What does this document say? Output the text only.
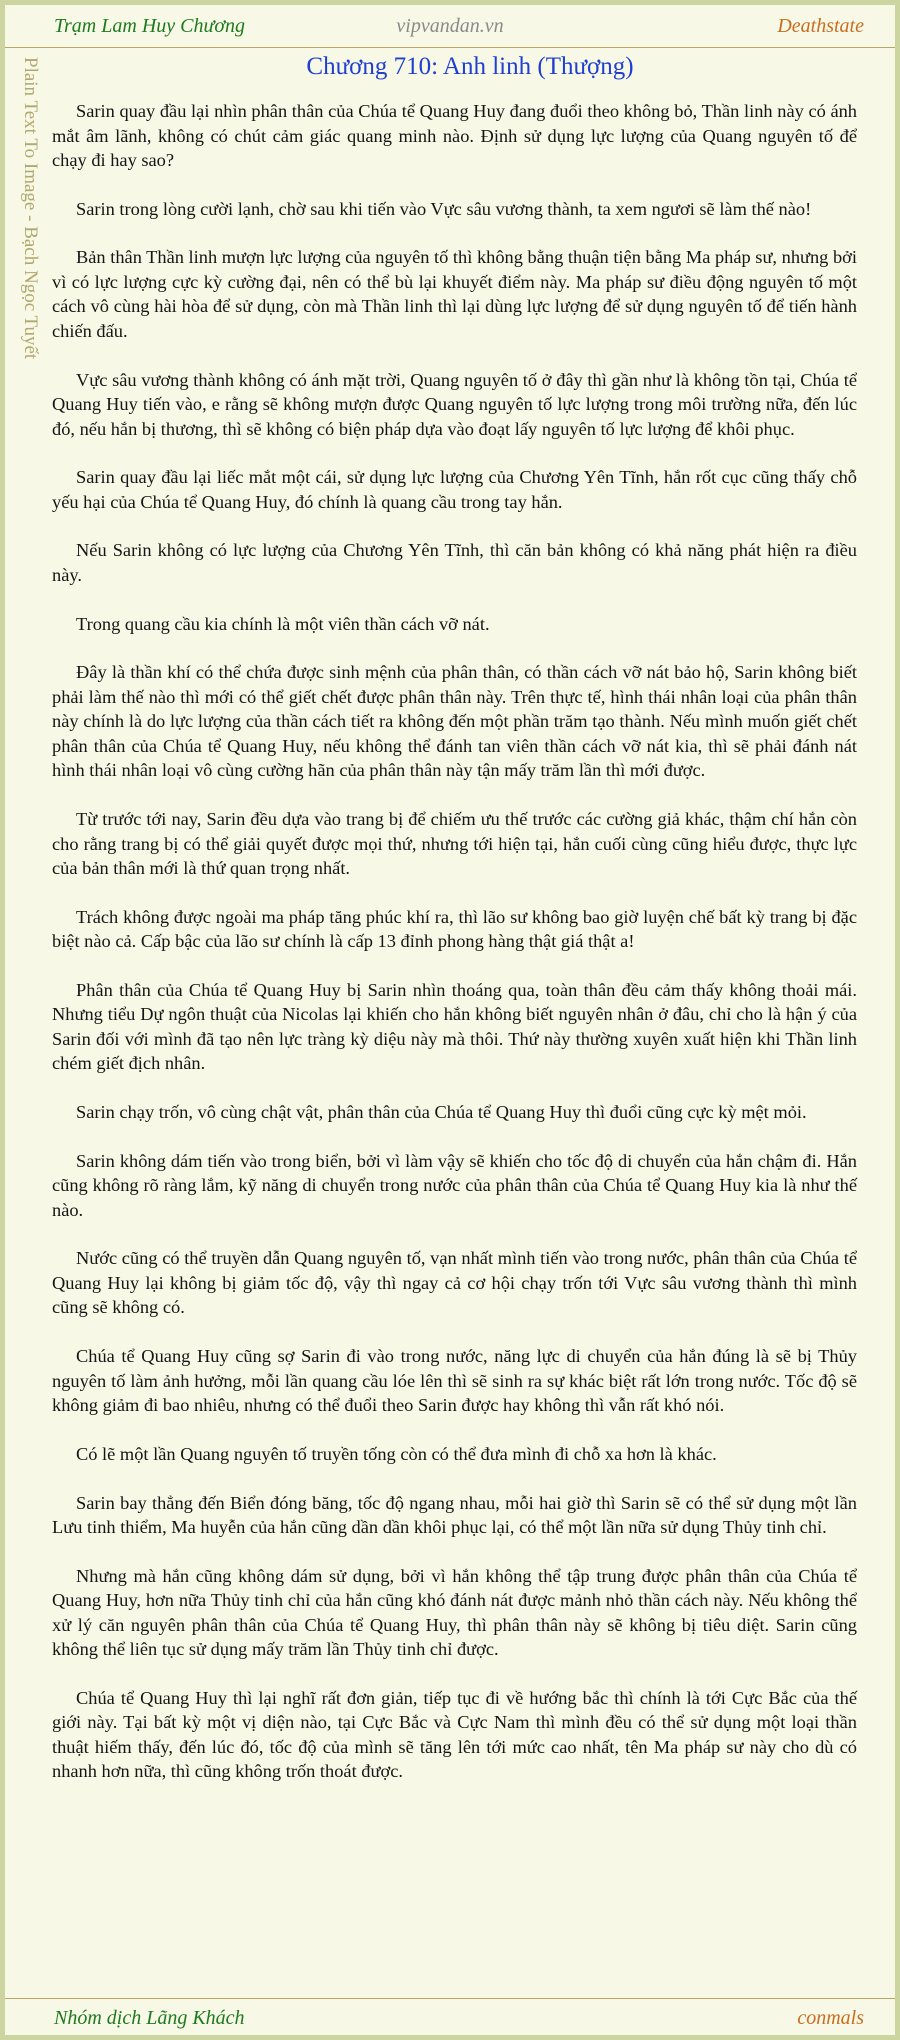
Trạm Lam Huy Chương	vipvandan.vn	Deathstate
Plain Text To Image - Bạch Ngọc Tuyết	Chương 710: Anh linh (Thượng)

Sarin quay đầu lại nhìn phân thân của Chúa tể Quang Huy đang đuổi theo không bỏ, Thần linh này có ánh mắt âm lãnh, không có chút cảm giác quang minh nào. Định sử dụng lực lượng của Quang nguyên tố để chạy đi hay sao?

Sarin trong lòng cười lạnh, chờ sau khi tiến vào Vực sâu vương thành, ta xem ngươi sẽ làm thế nào!

Bản thân Thần linh mượn lực lượng của nguyên tố thì không bằng thuận tiện bằng Ma pháp sư, nhưng bởi vì có lực lượng cực kỳ cường đại, nên có thể bù lại khuyết điểm này. Ma pháp sư điều động nguyên tố một cách vô cùng hài hòa để sử dụng, còn mà Thần linh thì lại dùng lực lượng để sử dụng nguyên tố để tiến hành chiến đấu.

Vực sâu vương thành không có ánh mặt trời, Quang nguyên tố ở đây thì gần như là không tồn tại, Chúa tể Quang Huy tiến vào, e rằng sẽ không mượn được Quang nguyên tố lực lượng trong môi trường nữa, đến lúc đó, nếu hắn bị thương, thì sẽ không có biện pháp dựa vào đoạt lấy nguyên tố lực lượng để khôi phục.

Sarin quay đầu lại liếc mắt một cái, sử dụng lực lượng của Chương Yên Tĩnh, hắn rốt cục cũng thấy chỗ yếu hại của Chúa tể Quang Huy, đó chính là quang cầu trong tay hắn.

Nếu Sarin không có lực lượng của Chương Yên Tĩnh, thì căn bản không có khả năng phát hiện ra điều này.

Trong quang cầu kia chính là một viên thần cách vỡ nát.

Đây là thần khí có thể chứa được sinh mệnh của phân thân, có thần cách vỡ nát bảo hộ, Sarin không biết phải làm thế nào thì mới có thể giết chết được phân thân này. Trên thực tế, hình thái nhân loại của phân thân này chính là do lực lượng của thần cách tiết ra không đến một phần trăm tạo thành. Nếu mình muốn giết chết phân thân của Chúa tể Quang Huy, nếu không thể đánh tan viên thần cách vỡ nát kia, thì sẽ phải đánh nát hình thái nhân loại vô cùng cường hãn của phân thân này tận mấy trăm lần thì mới được.

Từ trước tới nay, Sarin đều dựa vào trang bị để chiếm ưu thế trước các cường giả khác, thậm chí hắn còn cho rằng trang bị có thể giải quyết được mọi thứ, nhưng tới hiện tại, hắn cuối cùng cũng hiểu được, thực lực của bản thân mới là thứ quan trọng nhất.

Trách không được ngoài ma pháp tăng phúc khí ra, thì lão sư không bao giờ luyện chế bất kỳ trang bị đặc biệt nào cả. Cấp bậc của lão sư chính là cấp 13 đỉnh phong hàng thật giá thật a!

Phân thân của Chúa tể Quang Huy bị Sarin nhìn thoáng qua, toàn thân đều cảm thấy không thoải mái. Nhưng tiểu Dự ngôn thuật của Nicolas lại khiến cho hắn không biết nguyên nhân ở đâu, chỉ cho là hận ý của Sarin đối với mình đã tạo nên lực tràng kỳ diệu này mà thôi. Thứ này thường xuyên xuất hiện khi Thần linh chém giết địch nhân.

Sarin chạy trốn, vô cùng chật vật, phân thân của Chúa tể Quang Huy thì đuổi cũng cực kỳ mệt mỏi.

Sarin không dám tiến vào trong biển, bởi vì làm vậy sẽ khiến cho tốc độ di chuyển của hắn chậm đi. Hắn cũng không rõ ràng lắm, kỹ năng di chuyển trong nước của phân thân của Chúa tể Quang Huy kia là như thế nào.

Nước cũng có thể truyền dẫn Quang nguyên tố, vạn nhất mình tiến vào trong nước, phân thân của Chúa tể Quang Huy lại không bị giảm tốc độ, vậy thì ngay cả cơ hội chạy trốn tới Vực sâu vương thành thì mình cũng sẽ không có.

Chúa tể Quang Huy cũng sợ Sarin đi vào trong nước, năng lực di chuyển của hắn đúng là sẽ bị Thủy nguyên tố làm ảnh hưởng, mỗi lần quang cầu lóe lên thì sẽ sinh ra sự khác biệt rất lớn trong nước. Tốc độ sẽ không giảm đi bao nhiêu, nhưng có thể đuổi theo Sarin được hay không thì vẫn rất khó nói.

Có lẽ một lần Quang nguyên tố truyền tống còn có thể đưa mình đi chỗ xa hơn là khác.

Sarin bay thẳng đến Biển đóng băng, tốc độ ngang nhau, mỗi hai giờ thì Sarin sẽ có thể sử dụng một lần Lưu tinh thiểm, Ma huyễn của hắn cũng dần dần khôi phục lại, có thể một lần nữa sử dụng Thủy tinh chỉ.

Nhưng mà hắn cũng không dám sử dụng, bởi vì hắn không thể tập trung được phân thân của Chúa tể Quang Huy, hơn nữa Thủy tinh chỉ của hắn cũng khó đánh nát được mảnh nhỏ thần cách này. Nếu không thể xử lý căn nguyên phân thân của Chúa tể Quang Huy, thì phân thân này sẽ không bị tiêu diệt. Sarin cũng không thể liên tục sử dụng mấy trăm lần Thủy tinh chỉ được.

Chúa tể Quang Huy thì lại nghĩ rất đơn giản, tiếp tục đi về hướng bắc thì chính là tới Cực Bắc của thế giới này. Tại bất kỳ một vị diện nào, tại Cực Bắc và Cực Nam thì mình đều có thể sử dụng một loại thần thuật hiếm thấy, đến lúc đó, tốc độ của mình sẽ tăng lên tới mức cao nhất, tên Ma pháp sư này cho dù có nhanh hơn nữa, thì cũng không trốn thoát được.

Nhóm dịch Lãng Khách	conmals
